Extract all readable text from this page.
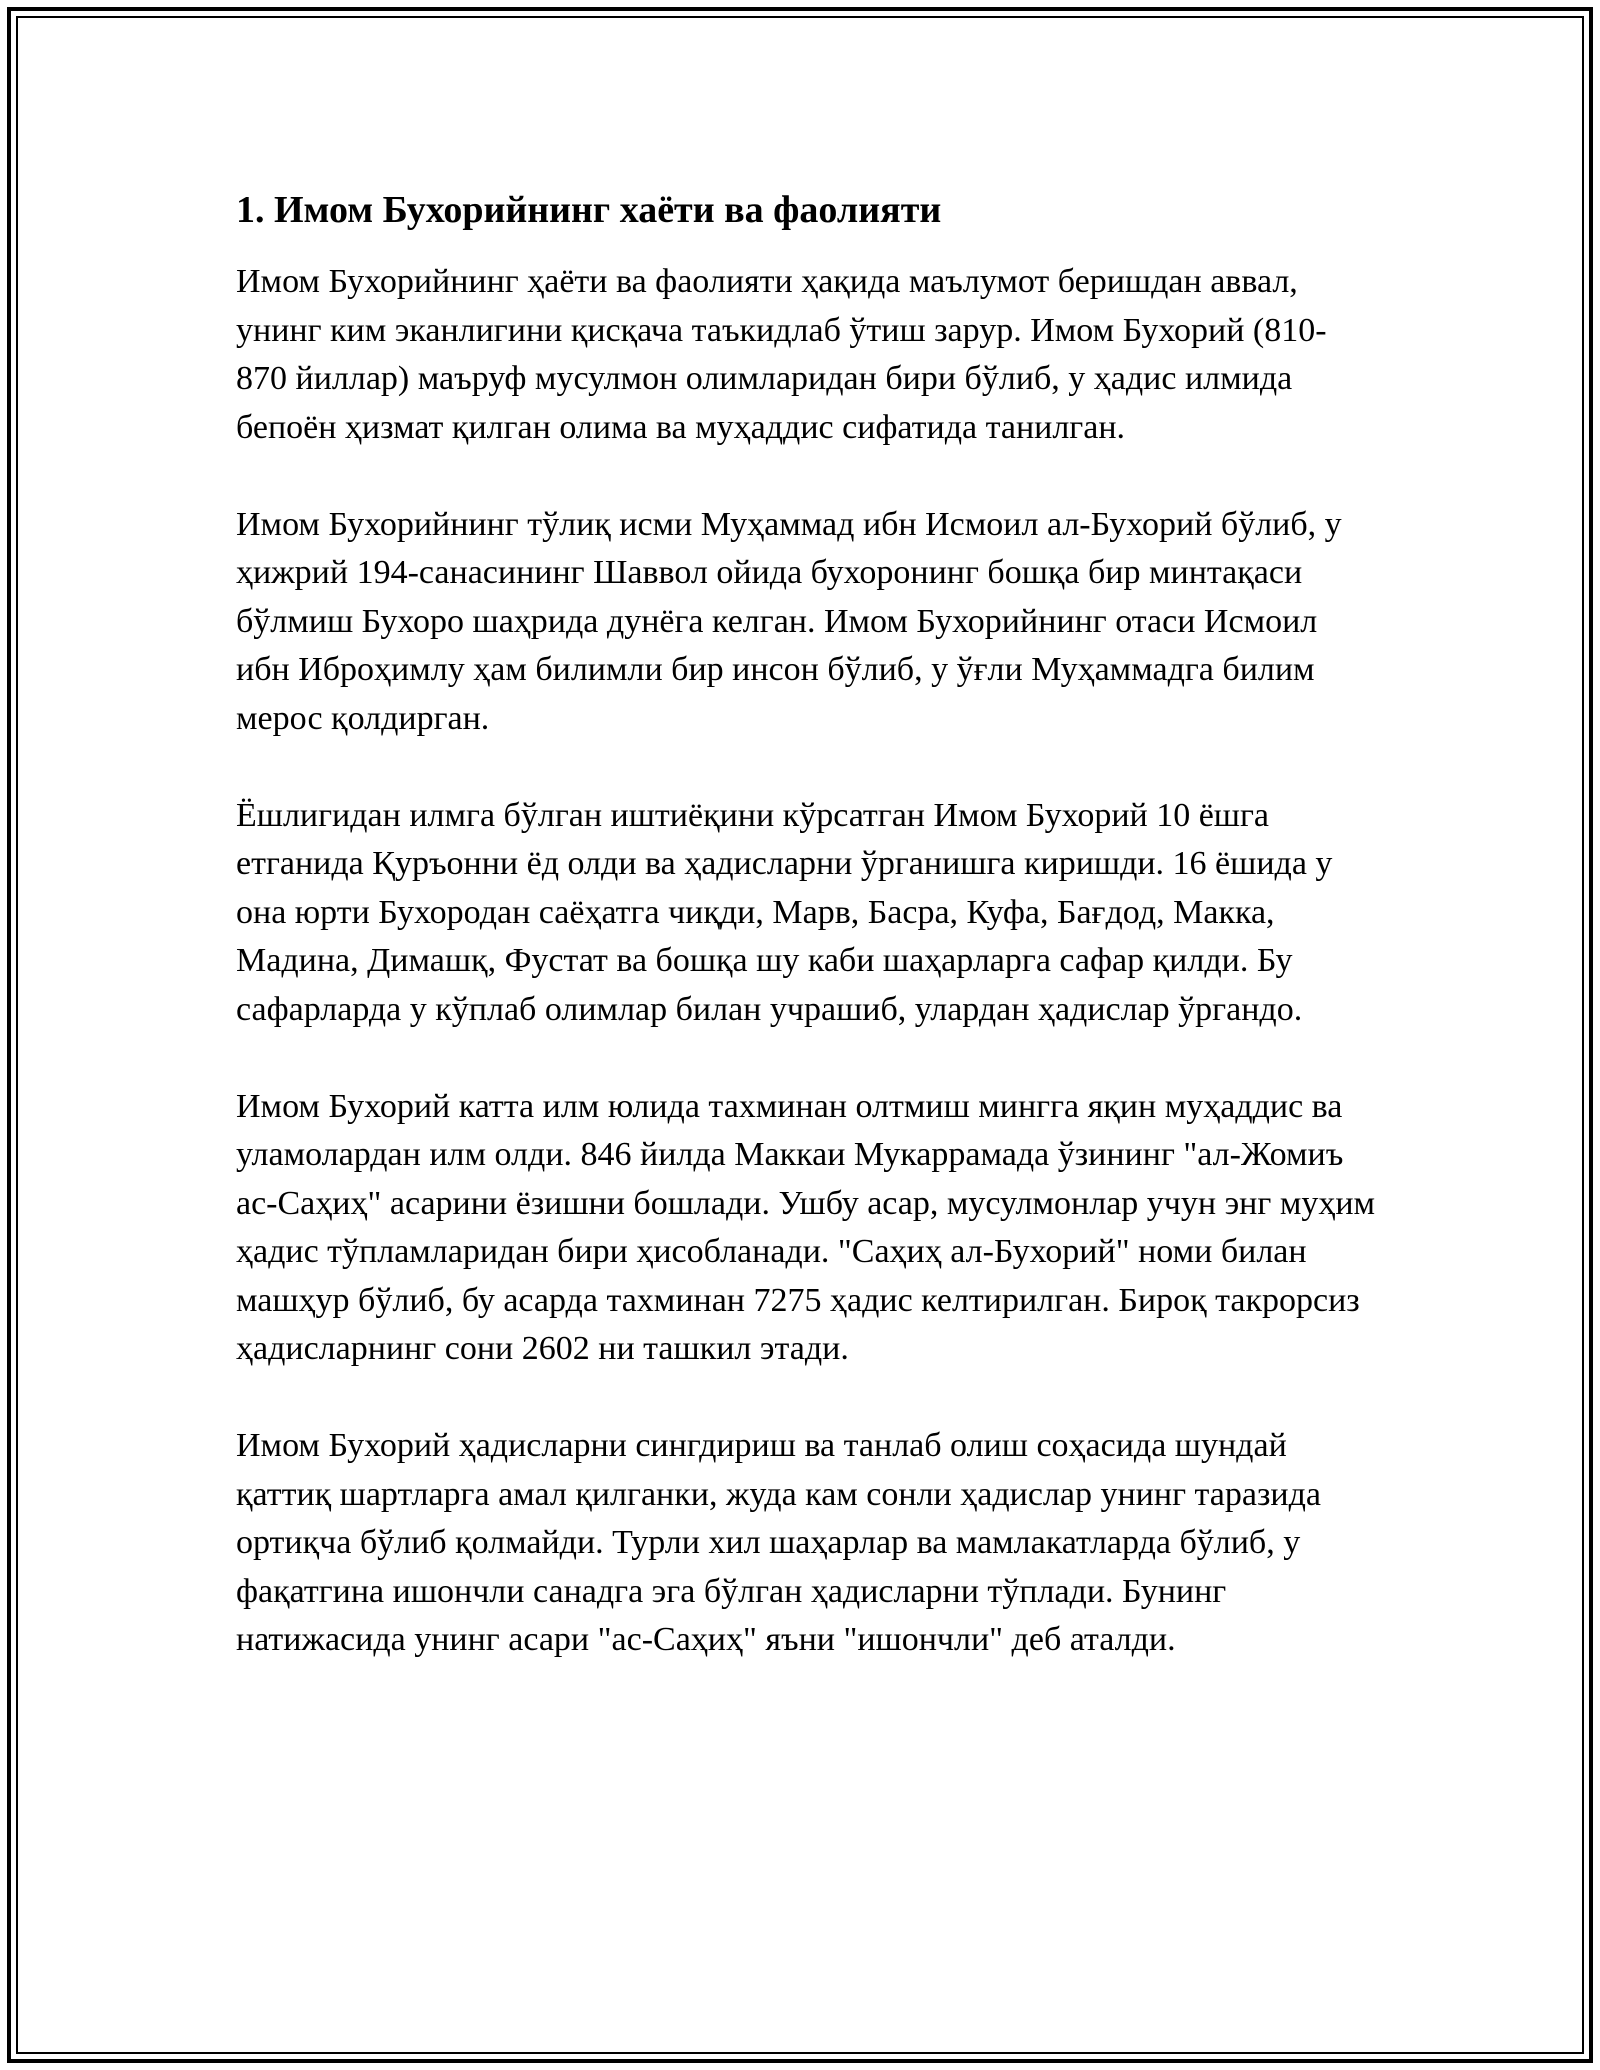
1. Имом Бухорийнинг хаёти ва фаолияти

Имом Бухорийнинг ҳаёти ва фаолияти ҳақида маълумот беришдан аввал, унинг ким эканлигини қисқача таъкидлаб ўтиш зарур. Имом Бухорий (810-870 йиллар) маъруф мусулмон олимларидан бири бўлиб, у ҳадис илмида бепоён ҳизмат қилган олима ва муҳаддис сифатида танилган.

Имом Бухорийнинг тўлиқ исми Муҳаммад ибн Исмоил ал-Бухорий бўлиб, у ҳижрий 194-санасининг Шаввол ойида бухоронинг бошқа бир минтақаси бўлмиш Бухоро шаҳрида дунёга келган. Имом Бухорийнинг отаси Исмоил ибн Иброҳимлу ҳам билимли бир инсон бўлиб, у ўғли Муҳаммадга билим мерос қолдирган.

Ёшлигидан илмга бўлган иштиёқини кўрсатган Имом Бухорий 10 ёшга етганида Қуръонни ёд олди ва ҳадисларни ўрганишга киришди. 16 ёшида у она юрти Бухородан саёҳатга чиқди, Марв, Басра, Куфа, Бағдод, Макка, Мадина, Димашқ, Фустат ва бошқа шу каби шаҳарларга сафар қилди. Бу сафарларда у кўплаб олимлар билан учрашиб, улардан ҳадислар ўргандо.

Имом Бухорий катта илм юлида тахминан олтмиш мингга яқин муҳаддис ва уламолардан илм олди. 846 йилда Маккаи Мукаррамада ўзининг "ал-Жомиъ ас-Саҳиҳ" асарини ёзишни бошлади. Ушбу асар, мусулмонлар учун энг муҳим ҳадис тўпламларидан бири ҳисобланади. "Саҳиҳ ал-Бухорий" номи билан машҳур бўлиб, бу асарда тахминан 7275 ҳадис келтирилган. Бироқ такрорсиз ҳадисларнинг сони 2602 ни ташкил этади.

Имом Бухорий ҳадисларни сингдириш ва танлаб олиш соҳасида шундай қаттиқ шартларга амал қилганки, жуда кам сонли ҳадислар унинг таразида ортиқча бўлиб қолмайди. Турли хил шаҳарлар ва мамлакатларда бўлиб, у фақатгина ишончли санадга эга бўлган ҳадисларни тўплади. Бунинг натижасида унинг асари "ас-Саҳиҳ" яъни "ишончли" деб аталди.
